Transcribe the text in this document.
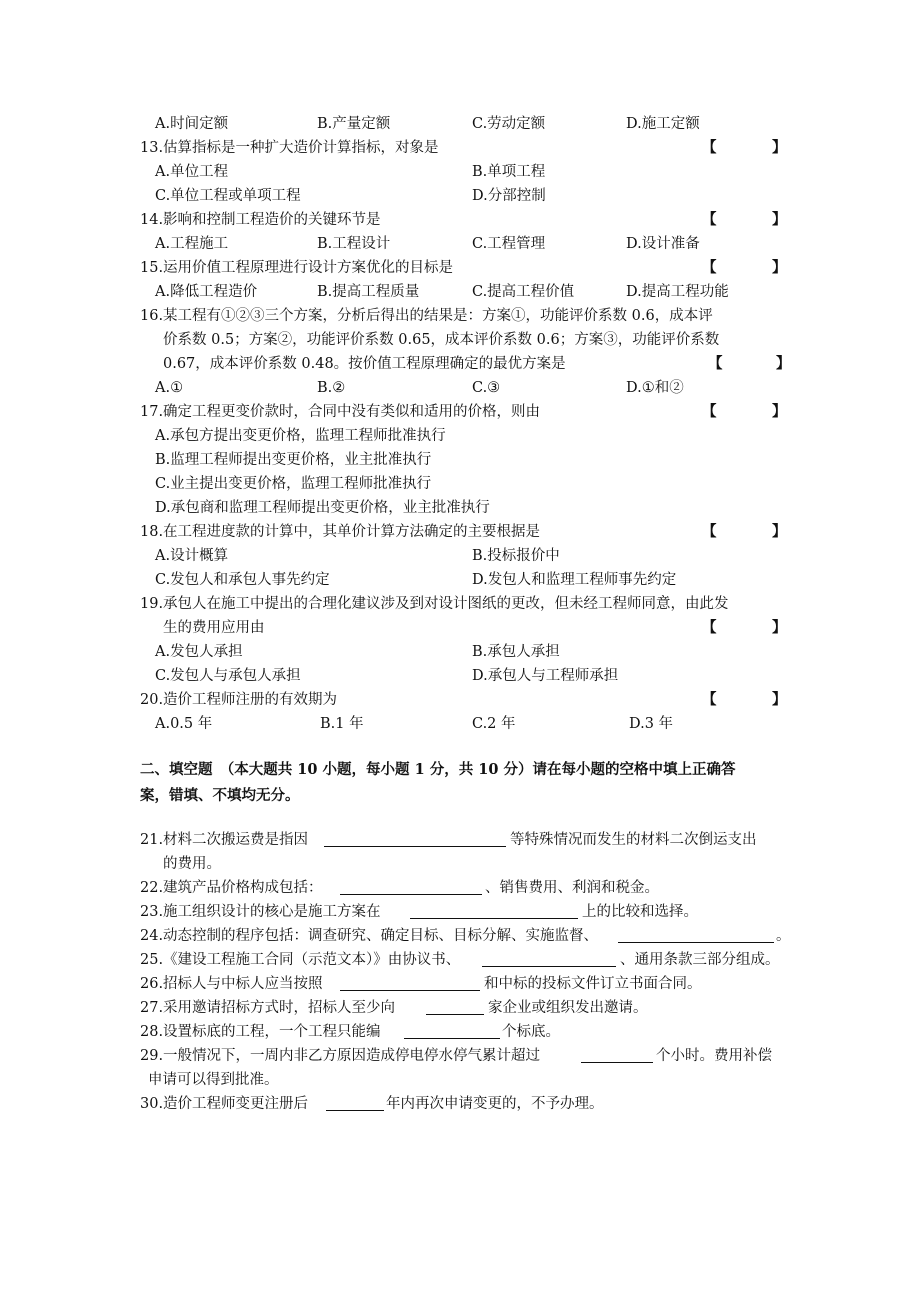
A.时间定额	B.产量定额	C.劳动定额	D.施工定额
13.估算指标是一种扩大造价计算指标，对象是	【	】
A.单位工程	B.单项工程
C.单位工程或单项工程	D.分部控制
14.影响和控制工程造价的关键环节是	【	】
A.工程施工	B.工程设计	C.工程管理	D.设计准备
15.运用价值工程原理进行设计方案优化的目标是	【	】
A.降低工程造价	B.提高工程质量	C.提高工程价值	D.提高工程功能
16.某工程有①②③三个方案，分析后得出的结果是：方案①，功能评价系数 0.6，成本评
价系数 0.5；方案②，功能评价系数 0.65，成本评价系数 0.6；方案③，功能评价系数
0.67，成本评价系数 0.48。按价值工程原理确定的最优方案是	【	】
A.①	B.②	C.③	D.①和②
17.确定工程更变价款时，合同中没有类似和适用的价格，则由	【	】
A.承包方提出变更价格，监理工程师批准执行
B.监理工程师提出变更价格，业主批准执行
C.业主提出变更价格，监理工程师批准执行
D.承包商和监理工程师提出变更价格，业主批准执行
18.在工程进度款的计算中，其单价计算方法确定的主要根据是	【	】
A.设计概算	B.投标报价中
C.发包人和承包人事先约定	D.发包人和监理工程师事先约定
19.承包人在施工中提出的合理化建议涉及到对设计图纸的更改，但未经工程师同意，由此发
生的费用应用由	【	】
A.发包人承担	B.承包人承担
C.发包人与承包人承担	D.承包人与工程师承担
20.造价工程师注册的有效期为	【	】
A.0.5 年	B.1 年	C.2 年	D.3 年
二、填空题　（本大题共 10 小题，每小题 1 分，共 10 分）请在每小题的空格中填上正确答
案，错填、不填均无分。
21.材料二次搬运费是指因	等特殊情况而发生的材料二次倒运支出
的费用。
22.建筑产品价格构成包括：	、销售费用、利润和税金。
23.施工组织设计的核心是施工方案在	上的比较和选择。
24.动态控制的程序包括：调查研究、确定目标、目标分解、实施监督、	。
25.《建设工程施工合同（示范文本）》由协议书、	、通用条款三部分组成。
26.招标人与中标人应当按照	和中标的投标文件订立书面合同。
27.采用邀请招标方式时，招标人至少向	家企业或组织发出邀请。
28.设置标底的工程，一个工程只能编	个标底。
29.一般情况下，一周内非乙方原因造成停电停水停气累计超过	个小时。费用补偿
申请可以得到批准。
30.造价工程师变更注册后	年内再次申请变更的，不予办理。
